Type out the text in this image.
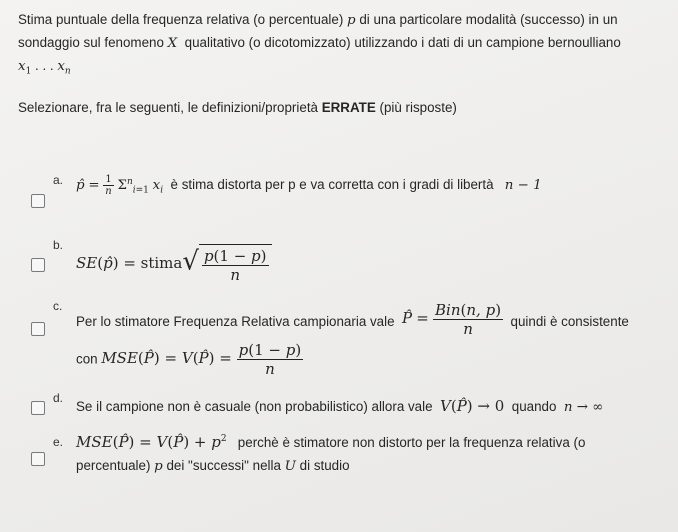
Stima puntuale della frequenza relativa (o percentuale) p di una particolare modalità (successo) in un
sondaggio sul fenomeno X  qualitativo (o dicotomizzato) utilizzando i dati di un campione bernoulliano
$x_1$ . . . $x_n$
Selezionare, fra le seguenti, le definizioni/proprietà ERRATE (più risposte)
a. p̂ = $\frac{1}{n} \Sigma^n_{i=1}$ $x_i$ è stima distorta per p e va corretta con i gradi di libertà n − 1
b.
SE(p̂) = stima√ $\frac{p(1 - p)}{n}$
c.
Per lo stimatore Frequenza Relativa campionaria vale P̂ = $\frac{\text{Bin(n, p)}}{n}$ quindi è consistente
con MSE(P̂) = V(P̂) = $\frac{p(1 - p)}{n}$
d.
Se il campione non è casuale (non probabilistico) allora vale V(P̂) → 0 quando n → ∞
e. MSE(P̂) = V(P̂) + $p^2$ perchè è stimatore non distorto per la frequenza relativa (o
percentuale) p dei "successi" nella U di studio
